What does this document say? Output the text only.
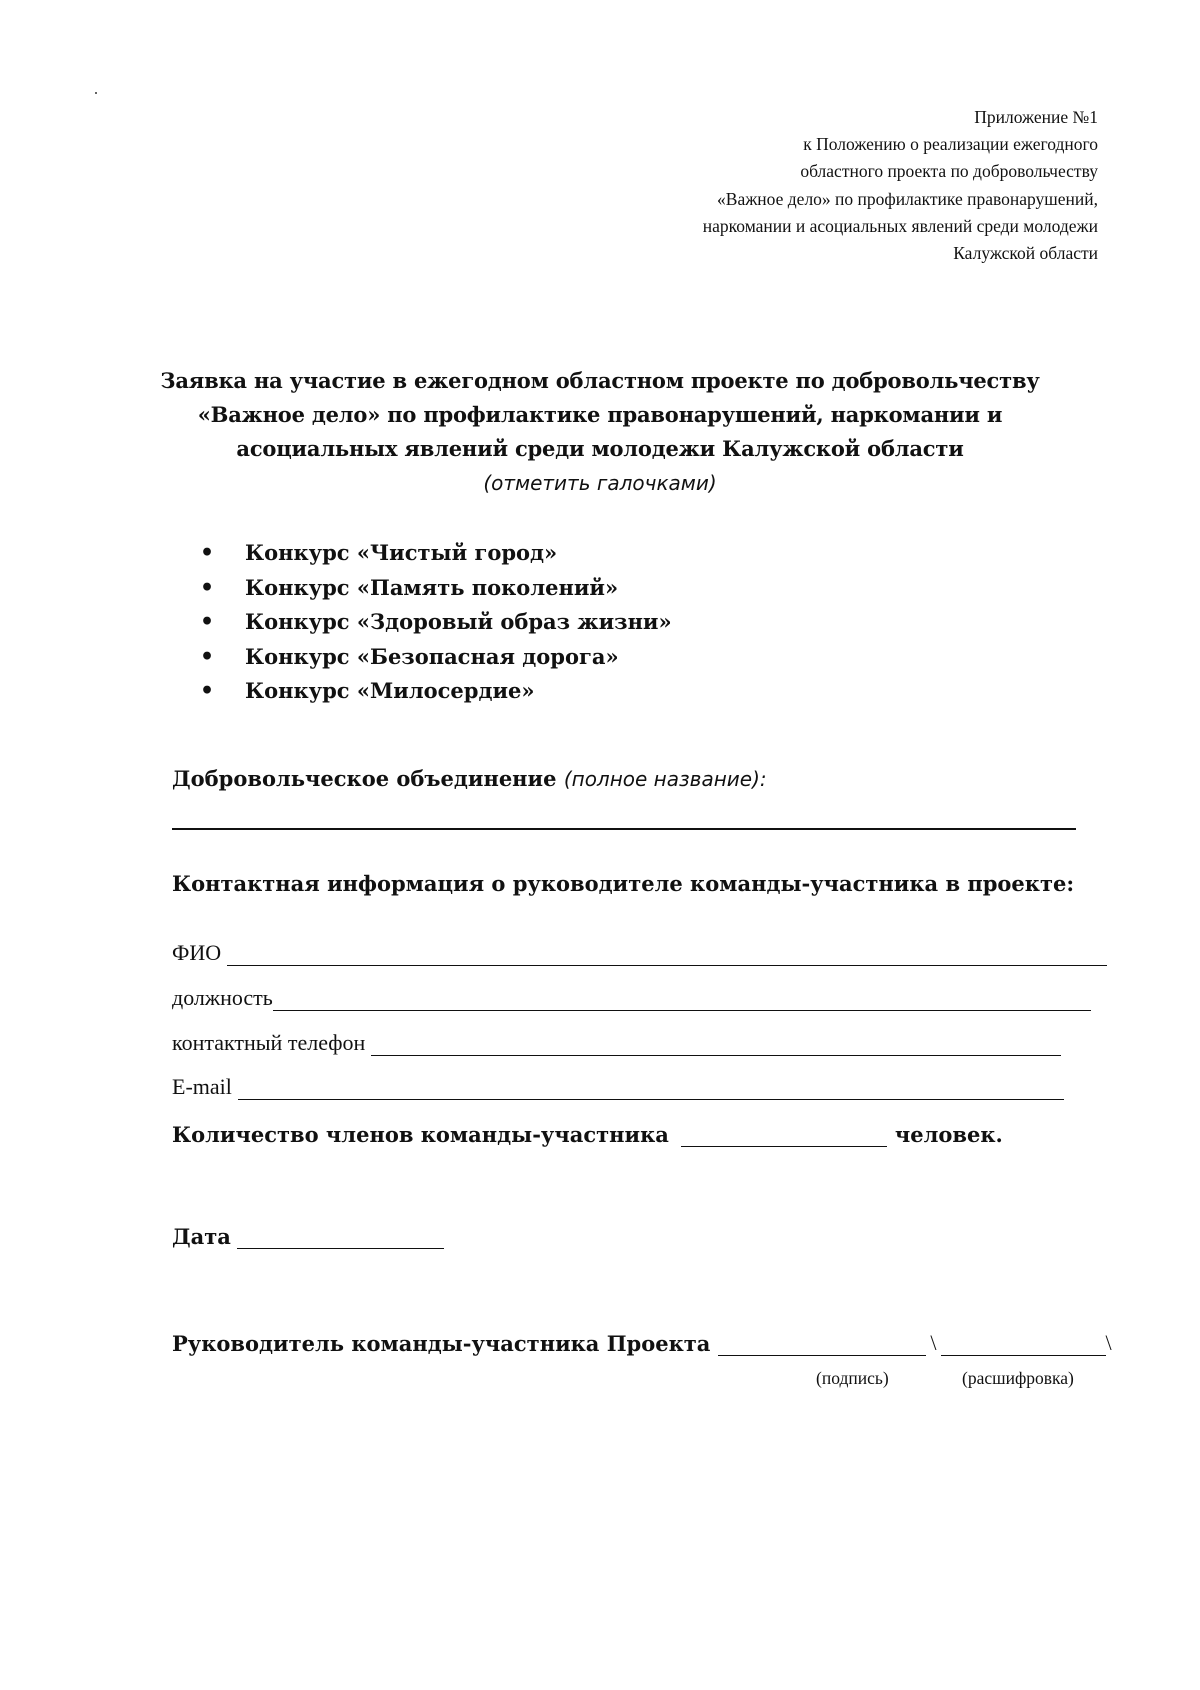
Приложение №1
к Положению о реализации ежегодного
областного проекта по добровольчеству
«Важное дело» по профилактике правонарушений,
наркомании и асоциальных явлений среди молодежи
Калужской области
Заявка на участие в ежегодном областном проекте по добровольчеству
«Важное дело» по профилактике правонарушений, наркомании и
асоциальных явлений среди молодежи Калужской области
(отметить галочками)
• Конкурс «Чистый город»
• Конкурс «Память поколений»
• Конкурс «Здоровый образ жизни»
• Конкурс «Безопасная дорога»
• Конкурс «Милосердие»
Добровольческое объединение (полное название):
Контактная информация о руководителе команды-участника в проекте:
ФИО
должность
контактный телефон
E-mail
Количество членов команды-участника	человек.
Дата
Руководитель команды-участника Проекта	\	\
(подпись)	(расшифровка)
